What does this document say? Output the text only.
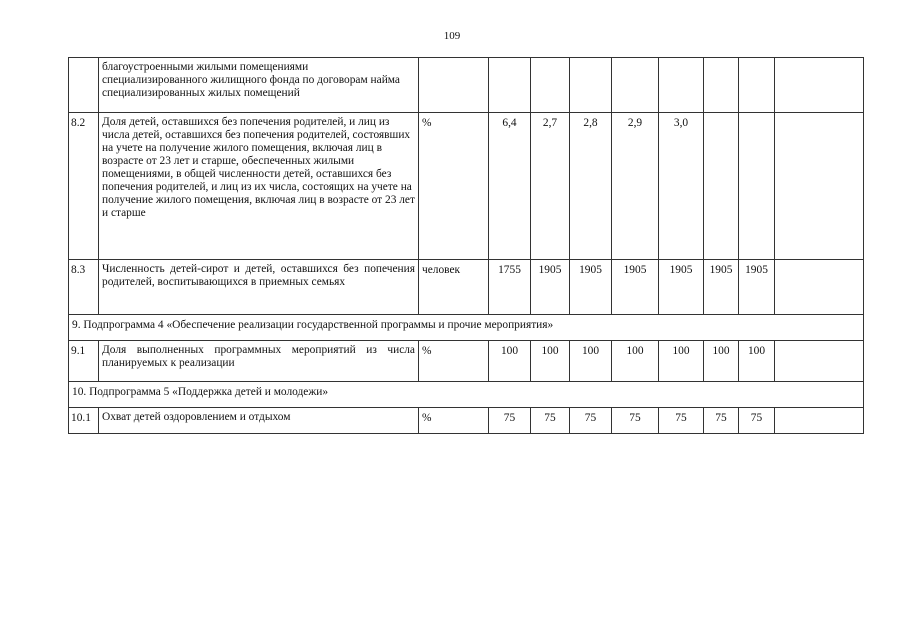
109
	благоустроенными жилыми помещениями специализированного жилищного фонда по договорам найма специализированных жилых помещений									
8.2	Доля детей, оставшихся без попечения родителей, и лиц из числа детей, оставшихся без попечения родителей, состоявших на учете на получение жилого помещения, включая лиц в возрасте от 23 лет и старше, обеспеченных жилыми помещениями, в общей численности детей, оставшихся без попечения родителей, и лиц из их числа, состоящих на учете на получение жилого помещения, включая лиц в возрасте от 23 лет и старше	%	6,4	2,7	2,8	2,9	3,0			
8.3	Численность детей-сирот и детей, оставшихся без попечения родителей, воспитывающихся в приемных семьях	человек	1755	1905	1905	1905	1905	1905	1905	
9. Подпрограмма 4 «Обеспечение реализации государственной программы и прочие мероприятия»										
9.1	Доля выполненных программных мероприятий из числа планируемых к реализации	%	100	100	100	100	100	100	100	
10. Подпрограмма 5 «Поддержка детей и молодежи»										
10.1	Охват детей оздоровлением и отдыхом	%	75	75	75	75	75	75	75	
